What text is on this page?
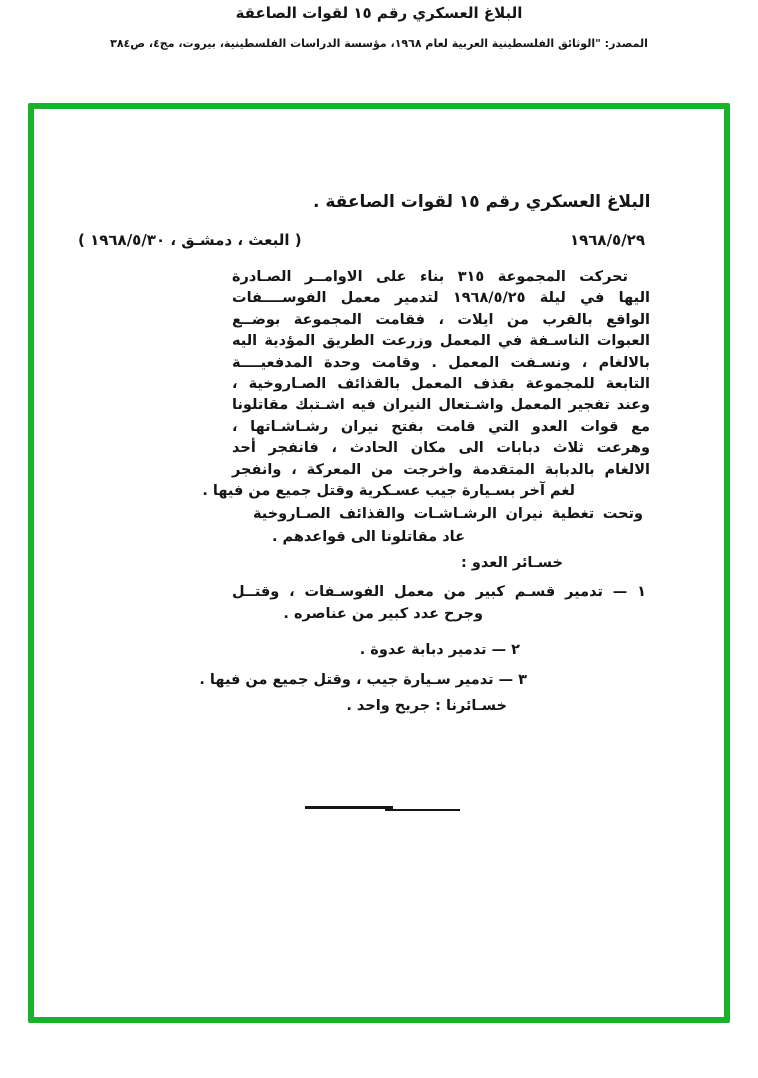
البلاغ العسكري رقم ١٥ لقوات الصاعقة
المصدر: "الوثائق الفلسطينية العربية لعام ١٩٦٨، مؤسسة الدراسات الفلسطينية، بيروت، مج٤، ص٣٨٤
البلاغ العسكري رقم ١٥ لقوات الصاعقة .
١٩٦٨/٥/٢٩
( البعث ، دمشـق ، ١٩٦٨/٥/٣٠ )
تحركت المجموعة ٣١٥ بناء على الاوامــر الصـادرة
اليها في ليلة ١٩٦٨/٥/٢٥ لتدمير معمل الفوســــفات
الواقع بالقرب من ايلات ، فقامت المجموعة بوضــع
العبوات الناسـفة في المعمل وزرعت الطريق المؤدية اليه
بالالغام ، ونسـفت المعمل . وقامت وحدة المدفعيــــة
التابعة للمجموعة بقذف المعمل بالقذائف الصـاروخية ،
وعند تفجير المعمل واشـتعال النيران فيه اشـتبك مقاتلونا
مع قوات العدو التي قامت بفتح نيران رشـاشـاتها ،
وهرعت ثلاث دبابات الى مكان الحادث ، فانفجر أحد
الالغام بالدبابة المتقدمة واخرجت من المعركة ، وانفجر
لغم آخر بسـيارة جيب عسـكرية وقتل جميع من فيها .
وتحت تغطية نيران الرشـاشـات والقذائف الصـاروخية
عاد مقاتلونا الى قواعدهم .
خسـائر العدو :
١ — تدمير قسـم كبير من معمل الفوسـفات ، وقتــل
وجرح عدد كبير من عناصره .
٢ — تدمير دبابة عدوة .
٣ — تدمير سـيارة جيب ، وقتل جميع من فيها .
خسـائرنا : جريح واحد .
